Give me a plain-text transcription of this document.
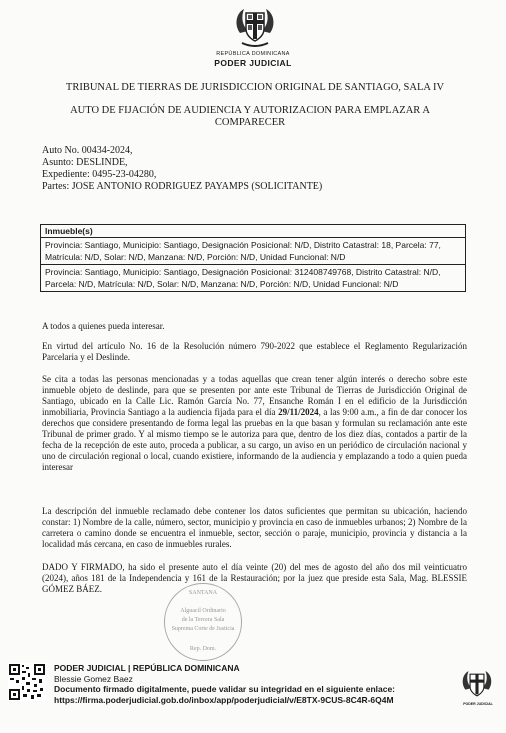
REPÚBLICA DOMINICANA
PODER JUDICIAL
TRIBUNAL DE TIERRAS DE JURISDICCION ORIGINAL DE SANTIAGO, SALA IV
AUTO DE FIJACIÓN DE AUDIENCIA Y AUTORIZACION PARA EMPLAZAR A COMPARECER
Auto No. 00434-2024,
Asunto: DESLINDE,
Expediente: 0495-23-04280,
Partes: JOSE ANTONIO RODRIGUEZ PAYAMPS (SOLICITANTE)
Inmueble(s)
Provincia: Santiago, Municipio: Santiago, Designación Posicional: N/D, Distrito Catastral: 18, Parcela: 77, Matrícula: N/D, Solar: N/D, Manzana: N/D, Porción: N/D, Unidad Funcional: N/D
Provincia: Santiago, Municipio: Santiago, Designación Posicional: 312408749768, Distrito Catastral: N/D, Parcela: N/D, Matrícula: N/D, Solar: N/D, Manzana: N/D, Porción: N/D, Unidad Funcional: N/D
A todos a quienes pueda interesar.
En virtud del artículo No. 16 de la Resolución número 790-2022 que establece el Reglamento Regularización Parcelaria y el Deslinde.
Se cita a todas las personas mencionadas y a todas aquellas que crean tener algún interés o derecho sobre este inmueble objeto de deslinde, para que se presenten por ante este Tribunal de Tierras de Jurisdicción Original de Santiago, ubicado en la Calle Lic. Ramón García No. 77, Ensanche Román I en el edificio de la Jurisdicción inmobiliaria, Provincia Santiago a la audiencia fijada para el día 29/11/2024, a las 9:00 a.m., a fin de dar conocer los derechos que considere presentando de forma legal las pruebas en la que basan y formulan su reclamación ante este Tribunal de primer grado. Y al mismo tiempo se le autoriza para que, dentro de los diez días, contados a partir de la fecha de la recepción de este auto, proceda a publicar, a su cargo, un aviso en un periódico de circulación nacional y uno de circulación regional o local, cuando existiere, informando de la audiencia y emplazando a todo a quien pueda interesar
La descripción del inmueble reclamado debe contener los datos suficientes que permitan su ubicación, haciendo constar: 1) Nombre de la calle, número, sector, municipio y provincia en caso de inmuebles urbanos; 2) Nombre de la carretera o camino donde se encuentra el inmueble, sector, sección o paraje, municipio, provincia y distancia a la localidad más cercana, en caso de inmuebles rurales.
DADO Y FIRMADO, ha sido el presente auto el día veinte (20) del mes de agosto del año dos mil veinticuatro (2024), años 181 de la Independencia y 161 de la Restauración; por la juez que preside esta Sala, Mag. BLESSIE GÓMEZ BÁEZ.	SANTANA
Alguacil Ordinario
de la Tercera Sala
Suprema Corte de Justicia
Rep. Dom.
PODER JUDICIAL | REPÚBLICA DOMINICANA
Blessie Gomez Baez
Documento firmado digitalmente, puede validar su integridad en el siguiente enlace:
https://firma.poderjudicial.gob.do/inbox/app/poderjudicial/v/E8TX-9CUS-8C4R-6Q4M	PODER JUDICIAL
